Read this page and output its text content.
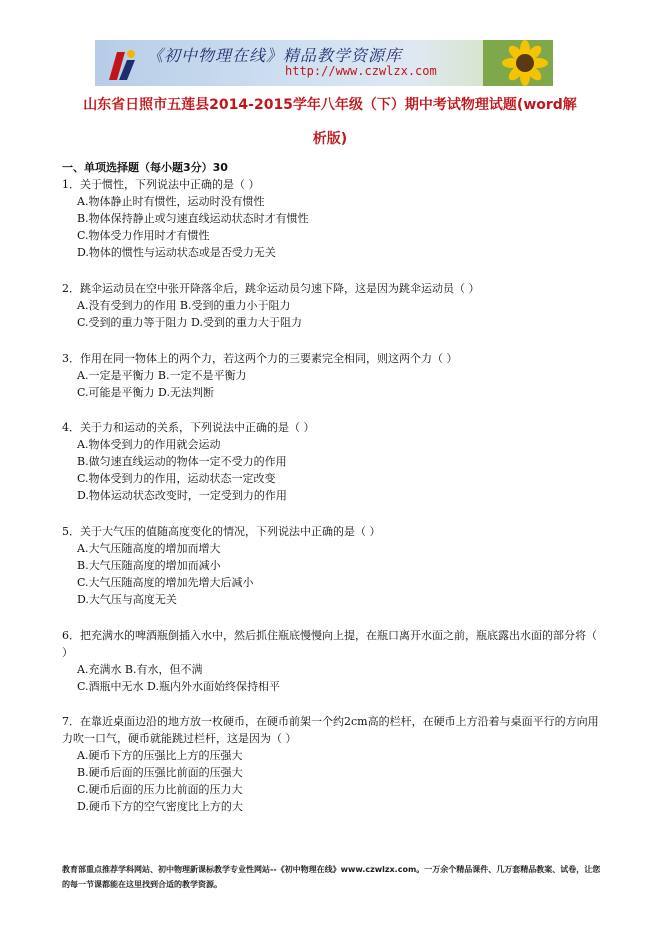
《初中物理在线》精品教学资源库
http://www.czwlzx.com
山东省日照市五莲县2014-2015学年八年级（下）期中考试物理试题(word解
析版)
一、单项选择题（每小题3分）30
1．关于惯性，下列说法中正确的是（ ）
A.物体静止时有惯性，运动时没有惯性
B.物体保持静止或匀速直线运动状态时才有惯性
C.物体受力作用时才有惯性
D.物体的惯性与运动状态或是否受力无关
2．跳伞运动员在空中张开降落伞后，跳伞运动员匀速下降，这是因为跳伞运动员（ ）
A.没有受到力的作用 B.受到的重力小于阻力
C.受到的重力等于阻力 D.受到的重力大于阻力
3．作用在同一物体上的两个力，若这两个力的三要素完全相同，则这两个力（ ）
A.一定是平衡力 B.一定不是平衡力
C.可能是平衡力 D.无法判断
4．关于力和运动的关系，下列说法中正确的是（ ）
A.物体受到力的作用就会运动
B.做匀速直线运动的物体一定不受力的作用
C.物体受到力的作用，运动状态一定改变
D.物体运动状态改变时，一定受到力的作用
5．关于大气压的值随高度变化的情况，下列说法中正确的是（ ）
A.大气压随高度的增加而增大
B.大气压随高度的增加而减小
C.大气压随高度的增加先增大后减小
D.大气压与高度无关
6．把充满水的啤酒瓶倒插入水中，然后抓住瓶底慢慢向上提，在瓶口离开水面之前，瓶底露出水面的部分将（ ）
A.充满水 B.有水，但不满
C.酒瓶中无水 D.瓶内外水面始终保持相平
7．在靠近桌面边沿的地方放一枚硬币，在硬币前架一个约2cm高的栏杆，在硬币上方沿着与桌面平行的方向用力吹一口气，硬币就能跳过栏杆，这是因为（ ）
A.硬币下方的压强比上方的压强大
B.硬币后面的压强比前面的压强大
C.硬币后面的压力比前面的压力大
D.硬币下方的空气密度比上方的大
教育部重点推荐学科网站、初中物理新课标教学专业性网站--《初中物理在线》www.czwlzx.com。一万余个精品课件、几万套精品教案、试卷，让您的每一节课都能在这里找到合适的教学资源。
